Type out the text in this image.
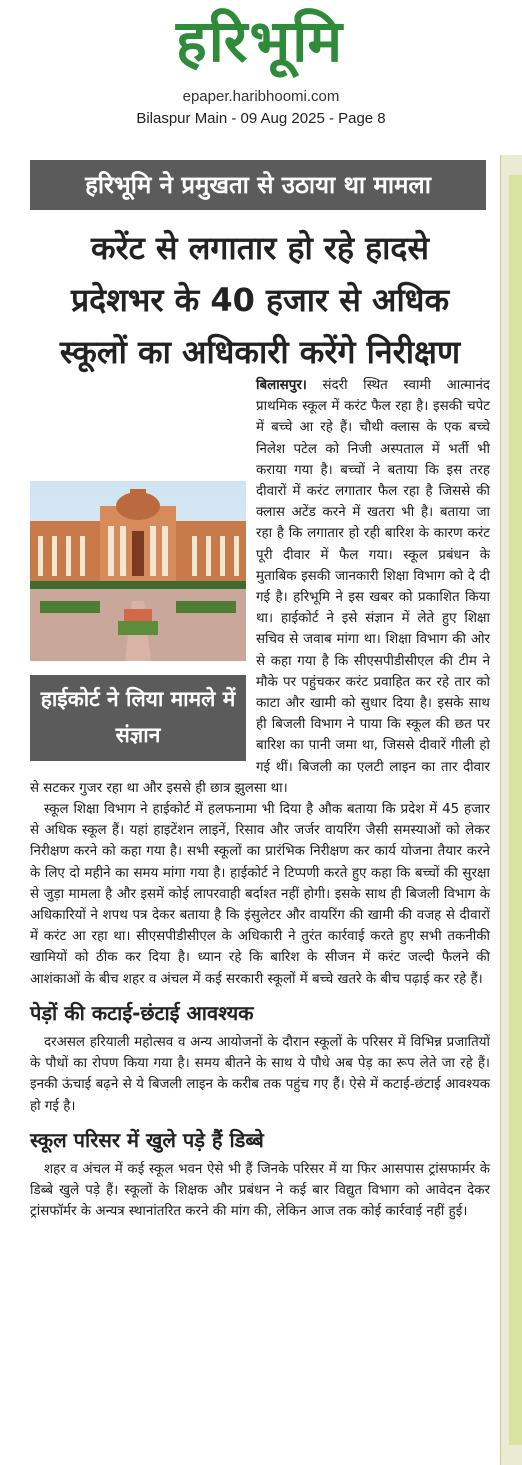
हरिभूमि
epaper.haribhoomi.com
Bilaspur Main - 09 Aug 2025 - Page 8
हरिभूमि ने प्रमुखता से उठाया था मामला
करेंट से लगातार हो रहे हादसे
प्रदेशभर के 40 हजार से अधिक
स्कूलों का अधिकारी करेंगे निरीक्षण
हाईकोर्ट ने लिया मामले में संज्ञान

बिलासपुर। संदरी स्थित स्वामी आत्मानंद प्राथमिक स्कूल में करंट फैल रहा है। इसकी चपेट में बच्चे आ रहे हैं। चौथी क्लास के एक बच्चे निलेश पटेल को निजी अस्पताल में भर्ती भी कराया गया है। बच्चों ने बताया कि इस तरह दीवारों में करंट लगातार फैल रहा है जिससे की क्लास अटेंड करने में खतरा भी है। बताया जा रहा है कि लगातार हो रही बारिश के कारण करंट पूरी दीवार में फैल गया। स्कूल प्रबंधन के मुताबिक इसकी जानकारी शिक्षा विभाग को दे दी गई है। हरिभूमि ने इस खबर को प्रकाशित किया था। हाईकोर्ट ने इसे संज्ञान में लेते हुए शिक्षा सचिव से जवाब मांगा था। शिक्षा विभाग की ओर से कहा गया है कि सीएसपीडीसीएल की टीम ने मौके पर पहुंचकर करंट प्रवाहित कर रहे तार को काटा और खामी को सुधार दिया है। इसके साथ ही बिजली विभाग ने पाया कि स्कूल की छत पर बारिश का पानी जमा था, जिससे दीवारें गीली हो गई थीं। बिजली का एलटी लाइन का तार दीवार से सटकर गुजर रहा था और इससे ही छात्र झुलसा था।

स्कूल शिक्षा विभाग ने हाईकोर्ट में हलफनामा भी दिया है औक बताया कि प्रदेश में 45 हजार से अधिक स्कूल हैं। यहां हाइटेंशन लाइनें, रिसाव और जर्जर वायरिंग जैसी समस्याओं को लेकर निरीक्षण करने को कहा गया है। सभी स्कूलों का प्रारंभिक निरीक्षण कर कार्य योजना तैयार करने के लिए दो महीने का समय मांगा गया है। हाईकोर्ट ने टिप्पणी करते हुए कहा कि बच्चों की सुरक्षा से जुड़ा मामला है और इसमें कोई लापरवाही बर्दाश्त नहीं होगी। इसके साथ ही बिजली विभाग के अधिकारियों ने शपथ पत्र देकर बताया है कि इंसुलेटर और वायरिंग की खामी की वजह से दीवारों में करंट आ रहा था। सीएसपीडीसीएल के अधिकारी ने तुरंत कार्रवाई करते हुए सभी तकनीकी खामियों को ठीक कर दिया है। ध्यान रहे कि बारिश के सीजन में करंट जल्दी फैलने की आशंकाओं के बीच शहर व अंचल में कई सरकारी स्कूलों में बच्चे खतरे के बीच पढ़ाई कर रहे हैं।

पेड़ों की कटाई-छंटाई आवश्यक

दरअसल हरियाली महोत्सव व अन्य आयोजनों के दौरान स्कूलों के परिसर में विभिन्न प्रजातियों के पौधों का रोपण किया गया है। समय बीतने के साथ ये पौधे अब पेड़ का रूप लेते जा रहे हैं। इनकी ऊंचाई बढ़ने से ये बिजली लाइन के करीब तक पहुंच गए हैं। ऐसे में कटाई-छंटाई आवश्यक हो गई है।

स्कूल परिसर में खुले पड़े हैं डिब्बे

शहर व अंचल में कई स्कूल भवन ऐसे भी हैं जिनके परिसर में या फिर आसपास ट्रांसफार्मर के डिब्बे खुले पड़े हैं। स्कूलों के शिक्षक और प्रबंधन ने कई बार विद्युत विभाग को आवेदन देकर ट्रांसफॉर्मर के अन्यत्र स्थानांतरित करने की मांग की, लेकिन आज तक कोई कार्रवाई नहीं हुई।
